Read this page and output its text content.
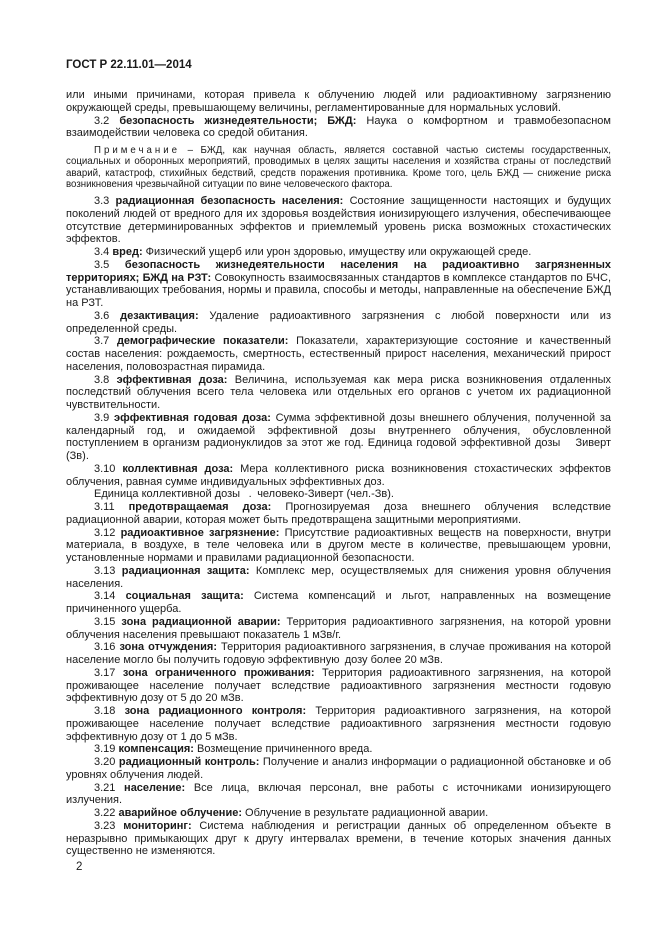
ГОСТ Р 22.11.01—2014

или иными причинами, которая привела к облучению людей или радиоактивному загрязнению окружающей среды, превышающему величины, регламентированные для нормальных условий.

3.2 безопасность жизнедеятельности; БЖД: Наука о комфортном и травмобезопасном взаимодействии человека со средой обитания.

Примечание – БЖД, как научная область, является составной частью системы государственных, социальных и оборонных мероприятий, проводимых в целях защиты населения и хозяйства страны от последствий аварий, катастроф, стихийных бедствий, средств поражения противника. Кроме того, цель БЖД — снижение риска возникновения чрезвычайной ситуации по вине человеческого фактора.

3.3 радиационная безопасность населения: Состояние защищенности настоящих и будущих поколений людей от вредного для их здоровья воздействия ионизирующего излучения, обеспечивающее отсутствие детерминированных эффектов и приемлемый уровень риска возможных стохастических эффектов.

3.4 вред: Физический ущерб или урон здоровью, имуществу или окружающей среде.

3.5 безопасность жизнедеятельности населения на радиоактивно загрязненных территориях; БЖД на РЗТ: Совокупность взаимосвязанных стандартов в комплексе стандартов по БЧС, устанавливающих требования, нормы и правила, способы и методы, направленные на обеспечение БЖД на РЗТ.

3.6 дезактивация: Удаление радиоактивного загрязнения с любой поверхности или из определенной среды.

3.7 демографические показатели: Показатели, характеризующие состояние и качественный состав населения: рождаемость, смертность, естественный прирост населения, механический прирост населения, половозрастная пирамида.

3.8 эффективная доза: Величина, используемая как мера риска возникновения отдаленных последствий облучения всего тела человека или отдельных его органов с учетом их радиационной чувствительности.

3.9 эффективная годовая доза: Сумма эффективной дозы внешнего облучения, полученной за календарный год, и ожидаемой эффективной дозы внутреннего облучения, обусловленной поступлением в организм радионуклидов за этот же год. Единица годовой эффективной дозы   Зиверт (Зв).

3.10 коллективная доза: Мера коллективного риска возникновения стохастических эффектов облучения, равная сумме индивидуальных эффективных доз.

Единица коллективной дозы  . человеко-Зиверт (чел.-Зв).

3.11 предотвращаемая доза: Прогнозируемая доза внешнего облучения вследствие радиационной аварии, которая может быть предотвращена защитными мероприятиями.

3.12 радиоактивное загрязнение: Присутствие радиоактивных веществ на поверхности, внутри материала, в воздухе, в теле человека или в другом месте в количестве, превышающем уровни, установленные нормами и правилами радиационной безопасности.

3.13 радиационная защита: Комплекс мер, осуществляемых для снижения уровня облучения населения.

3.14 социальная защита: Система компенсаций и льгот, направленных на возмещение причиненного ущерба.

3.15 зона радиационной аварии: Территория радиоактивного загрязнения, на которой уровни облучения населения превышают показатель 1 мЗв/г.

3.16 зона отчуждения: Территория радиоактивного загрязнения, в случае проживания на которой население могло бы получить годовую эффективную  дозу более 20 мЗв.

3.17 зона ограниченного проживания: Территория радиоактивного загрязнения, на которой проживающее население получает вследствие радиоактивного загрязнения местности годовую эффективную дозу от 5 до 20 мЗв.

3.18 зона радиационного контроля: Территория радиоактивного загрязнения, на которой проживающее население получает вследствие радиоактивного загрязнения местности годовую эффективную дозу от 1 до 5 мЗв.

3.19 компенсация: Возмещение причиненного вреда.

3.20 радиационный контроль: Получение и анализ информации о радиационной обстановке и об уровнях облучения людей.

3.21 население: Все лица, включая персонал, вне работы с источниками ионизирующего излучения.

3.22 аварийное облучение: Облучение в результате радиационной аварии.

3.23 мониторинг: Система наблюдения и регистрации данных об определенном объекте в неразрывно примыкающих друг к другу интервалах времени, в течение которых значения данных существенно не изменяются.

2
